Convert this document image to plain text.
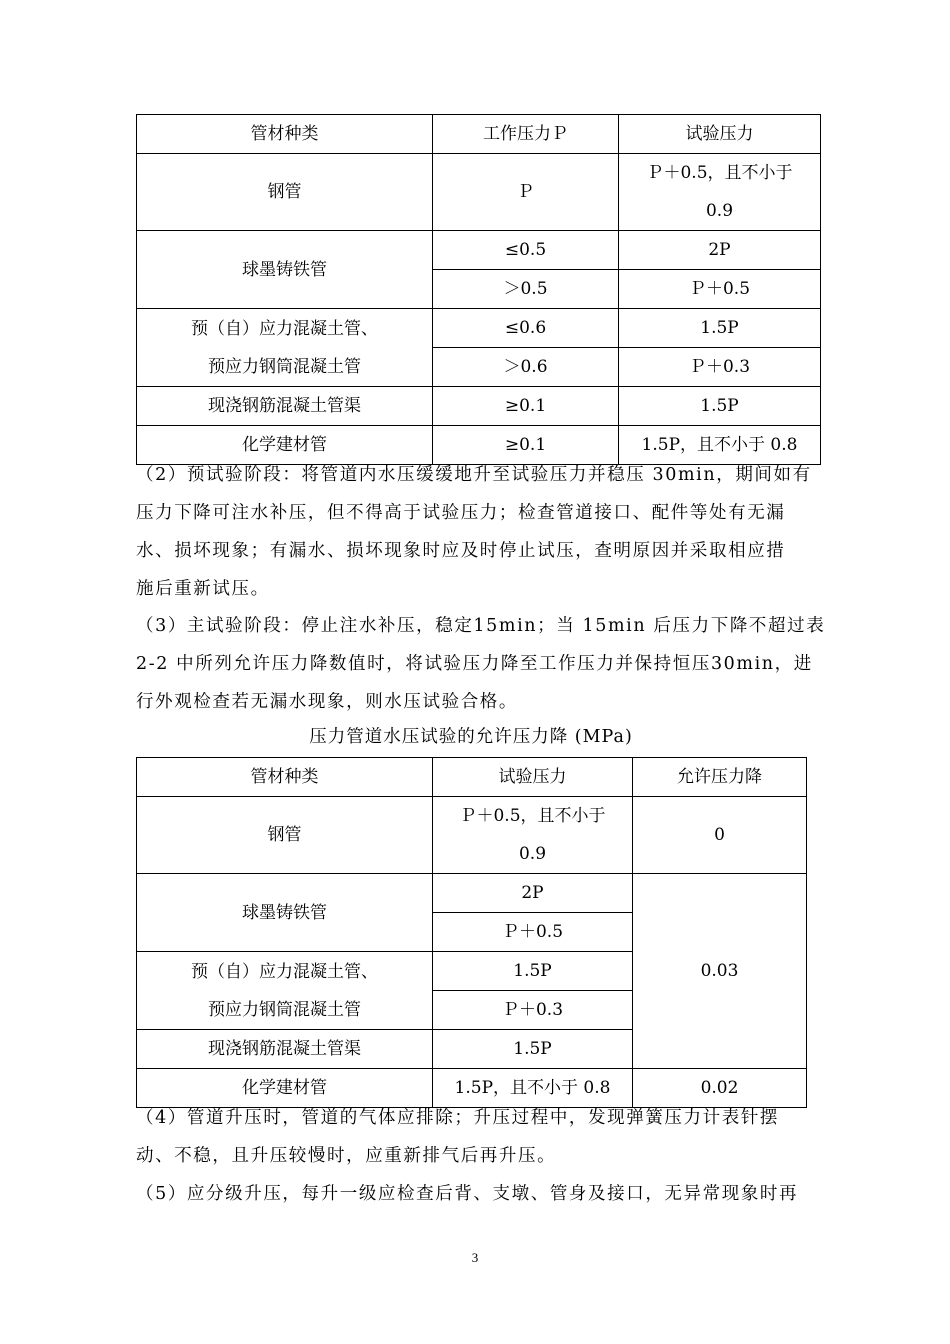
管材种类	工作压力Ｐ	试验压力
钢管	Ｐ	Ｐ＋0.5，且不小于
0.9

球墨铸铁管	≤0.5	2P
	＞0.5	Ｐ＋0.5

预（自）应力混凝土管、
预应力钢筒混凝土管	≤0.6	1.5P
	＞0.6	Ｐ＋0.3
现浇钢筋混凝土管渠	≥0.1	1.5P
化学建材管	≥0.1	1.5P，且不小于 0.8
（2）预试验阶段：将管道内水压缓缓地升至试验压力并稳压 30min，期间如有
压力下降可注水补压，但不得高于试验压力；检查管道接口、配件等处有无漏
水、损坏现象；有漏水、损坏现象时应及时停止试压，查明原因并采取相应措
施后重新试压。
（3）主试验阶段：停止注水补压，稳定15min；当 15min 后压力下降不超过表
2-2 中所列允许压力降数值时，将试验压力降至工作压力并保持恒压30min，进
行外观检查若无漏水现象，则水压试验合格。
压力管道水压试验的允许压力降 (MPa)
管材种类	试验压力	允许压力降
钢管	Ｐ＋0.5，且不小于
0.9	0
球墨铸铁管	2P	0.03
	Ｐ＋0.5	

预（自）应力混凝土管、
预应力钢筒混凝土管	1.5P	
	Ｐ＋0.3	
现浇钢筋混凝土管渠	1.5P	
化学建材管	1.5P，且不小于 0.8	0.02
（4）管道升压时，管道的气体应排除；升压过程中，发现弹簧压力计表针摆
动、不稳，且升压较慢时，应重新排气后再升压。
（5）应分级升压，每升一级应检查后背、支墩、管身及接口，无异常现象时再
3
